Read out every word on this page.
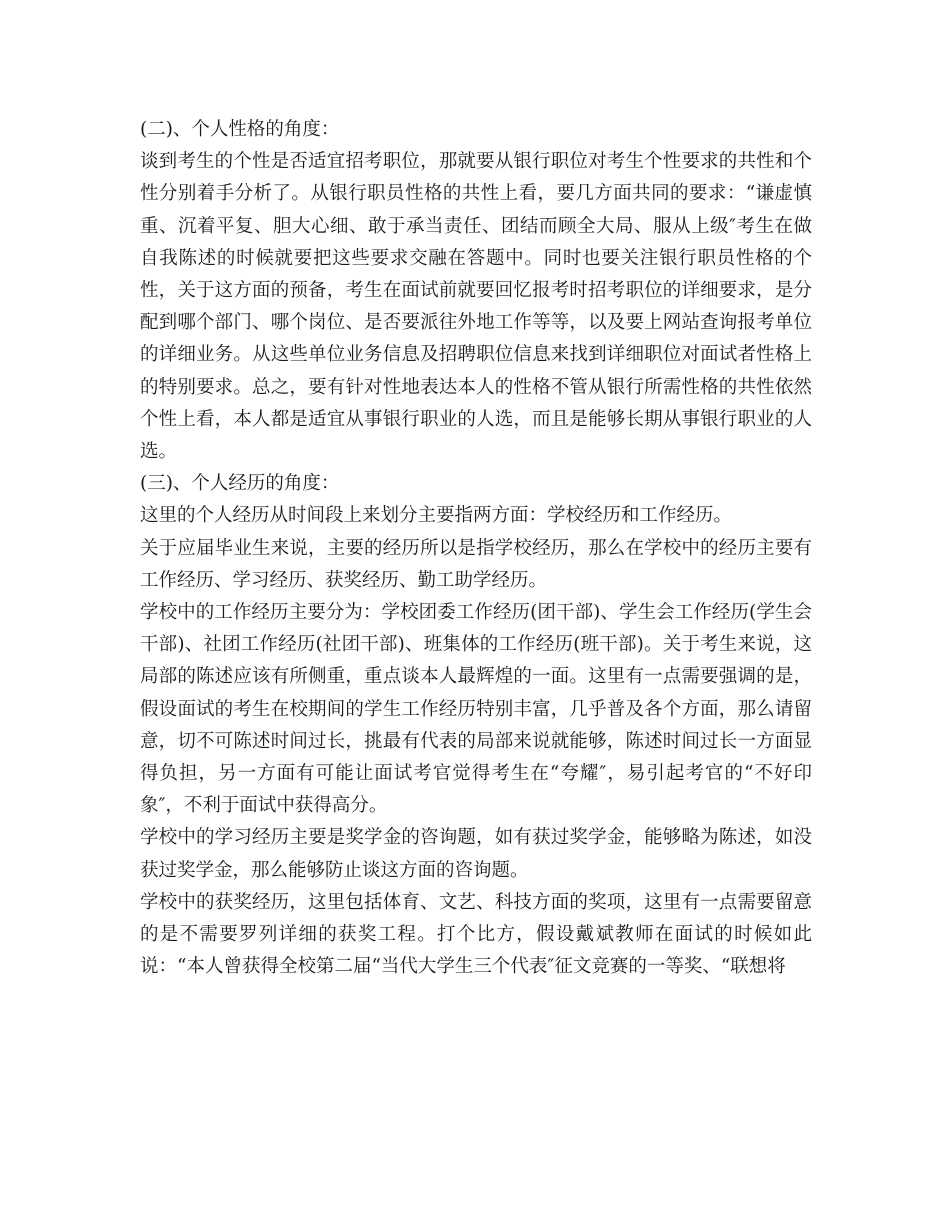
(二)、个人性格的角度：

谈到考生的个性是否适宜招考职位，那就要从银行职位对考生个性要求的共性和个性分别着手分析了。从银行职员性格的共性上看，要几方面共同的要求：“谦虚慎重、沉着平复、胆大心细、敢于承当责任、团结而顾全大局、服从上级″考生在做自我陈述的时候就要把这些要求交融在答题中。同时也要关注银行职员性格的个性，关于这方面的预备，考生在面试前就要回忆报考时招考职位的详细要求，是分配到哪个部门、哪个岗位、是否要派往外地工作等等，以及要上网站查询报考单位的详细业务。从这些单位业务信息及招聘职位信息来找到详细职位对面试者性格上的特别要求。总之，要有针对性地表达本人的性格不管从银行所需性格的共性依然个性上看，本人都是适宜从事银行职业的人选，而且是能够长期从事银行职业的人选。

(三)、个人经历的角度：

这里的个人经历从时间段上来划分主要指两方面：学校经历和工作经历。

关于应届毕业生来说，主要的经历所以是指学校经历，那么在学校中的经历主要有工作经历、学习经历、获奖经历、勤工助学经历。

学校中的工作经历主要分为：学校团委工作经历(团干部)、学生会工作经历(学生会干部)、社团工作经历(社团干部)、班集体的工作经历(班干部)。关于考生来说，这局部的陈述应该有所侧重，重点谈本人最辉煌的一面。这里有一点需要强调的是，假设面试的考生在校期间的学生工作经历特别丰富，几乎普及各个方面，那么请留意，切不可陈述时间过长，挑最有代表的局部来说就能够，陈述时间过长一方面显得负担，另一方面有可能让面试考官觉得考生在“夸耀″，易引起考官的“不好印象″，不利于面试中获得高分。

学校中的学习经历主要是奖学金的咨询题，如有获过奖学金，能够略为陈述，如没获过奖学金，那么能够防止谈这方面的咨询题。

学校中的获奖经历，这里包括体育、文艺、科技方面的奖项，这里有一点需要留意的是不需要罗列详细的获奖工程。打个比方，假设戴斌教师在面试的时候如此说：“本人曾获得全校第二届“当代大学生三个代表″征文竞赛的一等奖、“联想将
